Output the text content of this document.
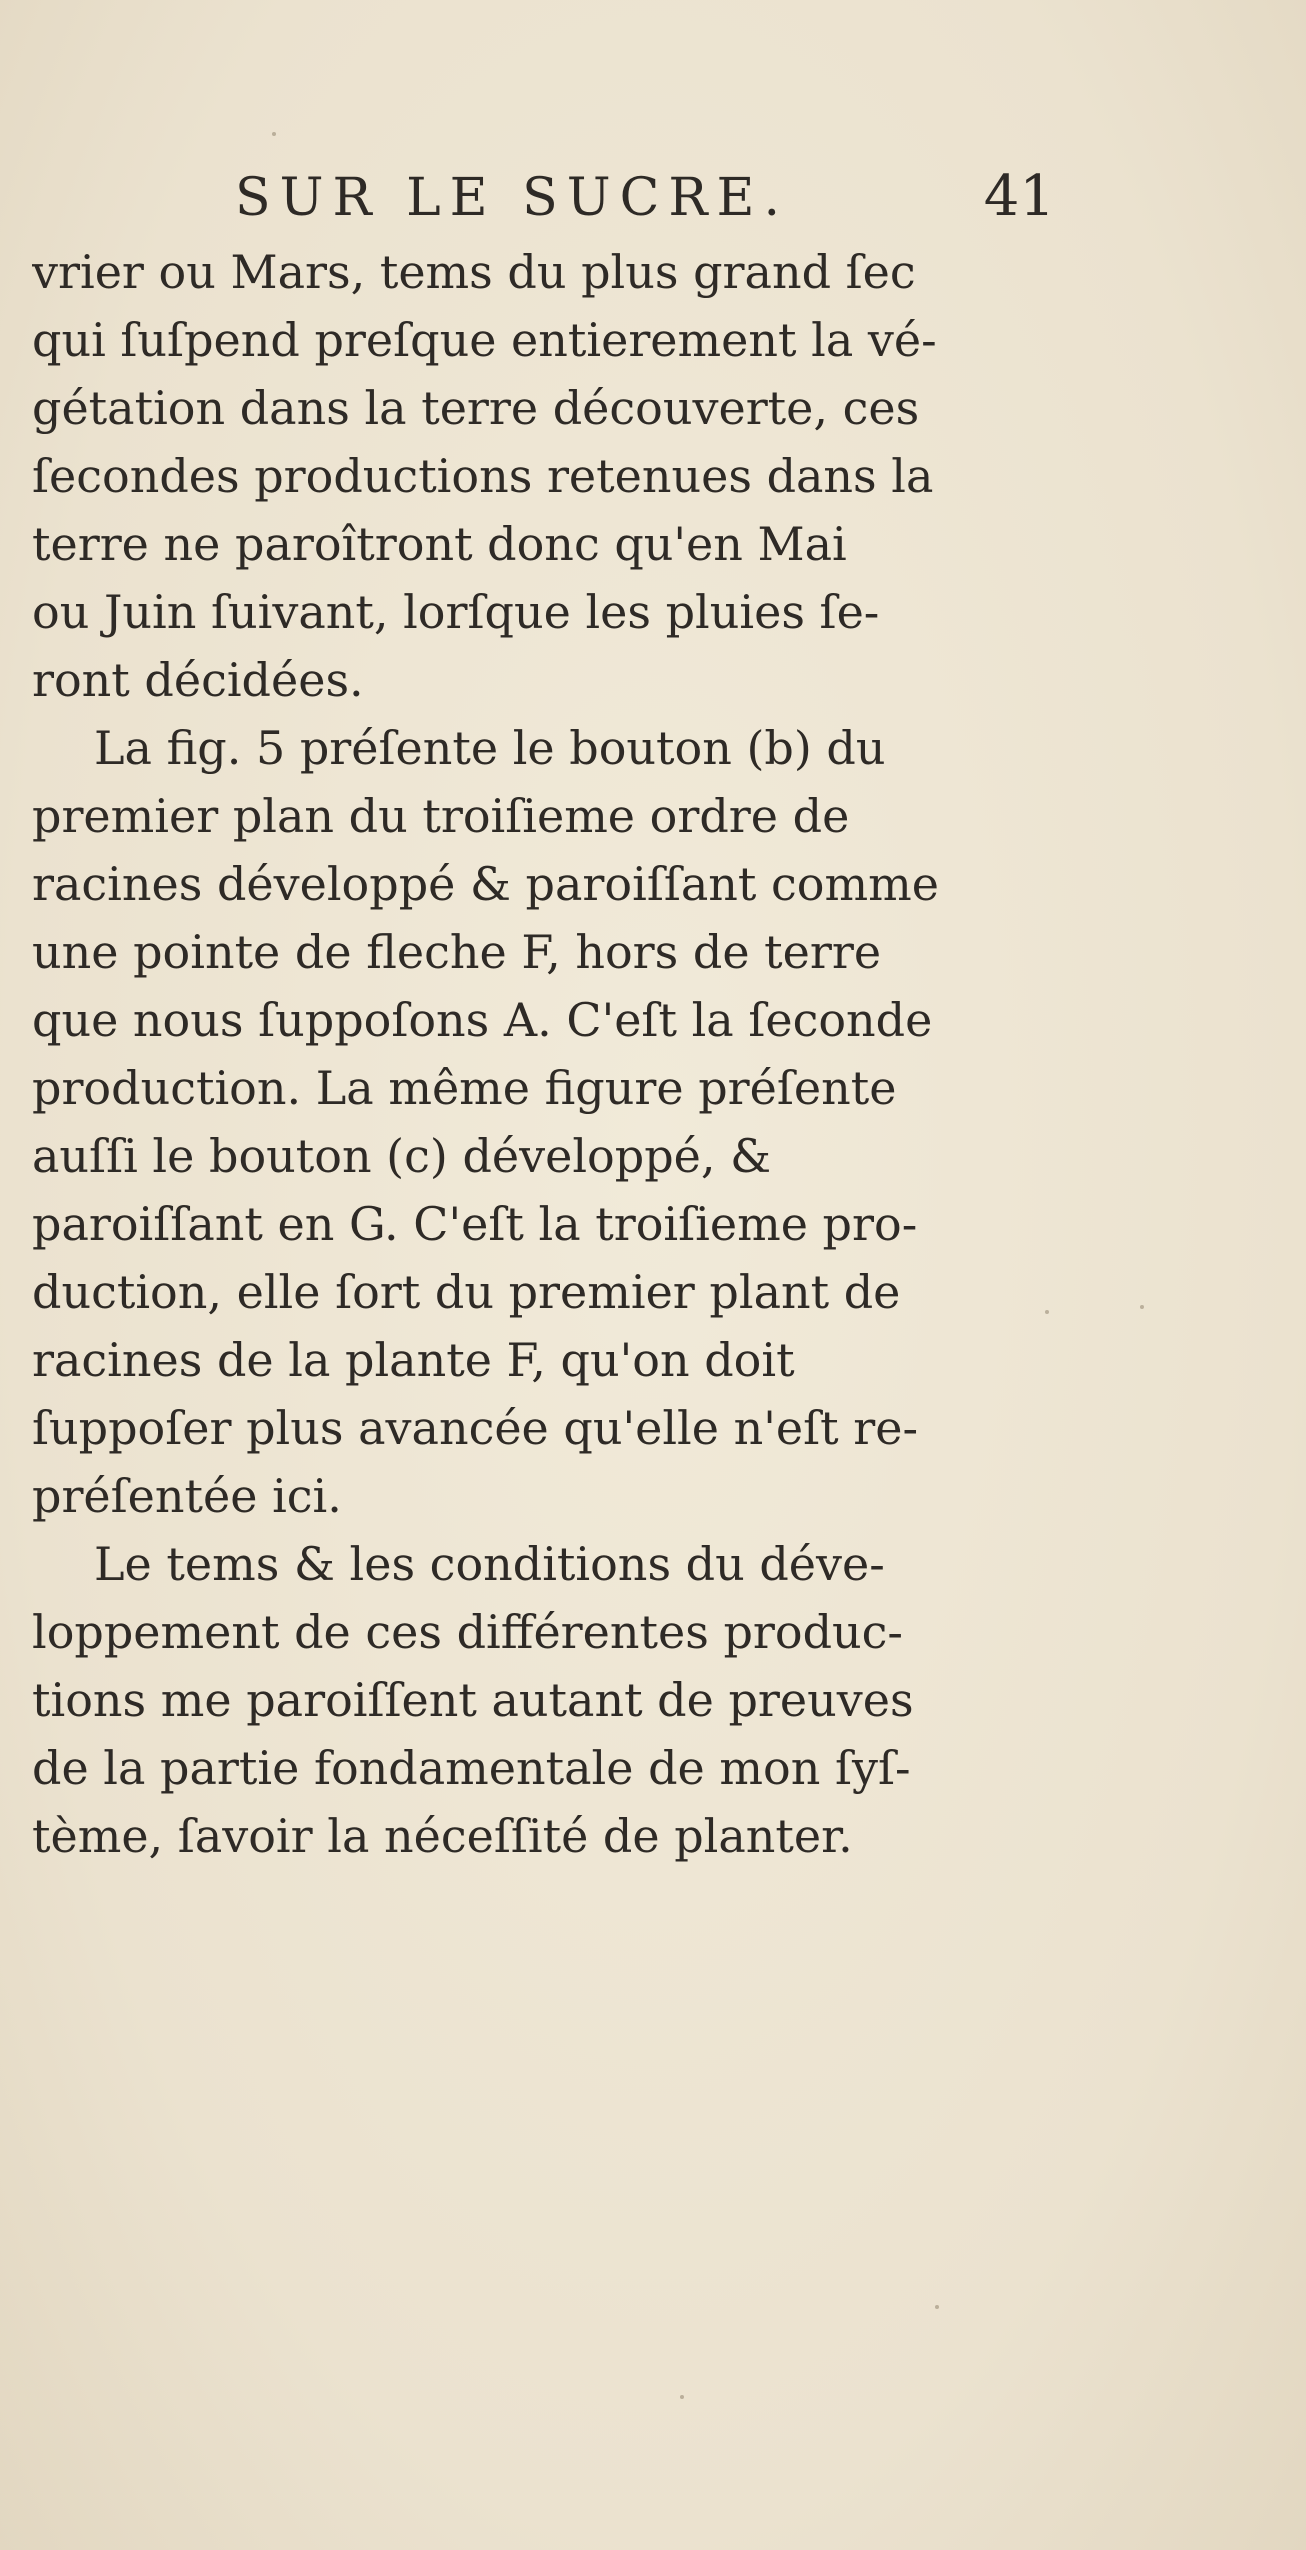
SUR LE SUCRE.	41
vrier ou Mars, tems du plus grand ſec
qui ſuſpend preſque entierement la vé-
gétation dans la terre découverte, ces
ſecondes productions retenues dans la
terre ne paroîtront donc qu'en Mai
ou Juin ſuivant, lorſque les pluies ſe-
ront décidées.
La fig. 5 préſente le bouton (b) du
premier plan du troiſieme ordre de
racines développé & paroiſſant comme
une pointe de fleche F, hors de terre
que nous ſuppoſons A. C'eſt la ſeconde
production. La même figure préſente
auſſi le bouton (c) développé, &
paroiſſant en G. C'eſt la troiſieme pro-
duction, elle ſort du premier plant de
racines de la plante F, qu'on doit
ſuppoſer plus avancée qu'elle n'eſt re-
préſentée ici.
Le tems & les conditions du déve-
loppement de ces différentes produc-
tions me paroiſſent autant de preuves
de la partie fondamentale de mon ſyſ-
tème, ſavoir la néceſſité de planter.
